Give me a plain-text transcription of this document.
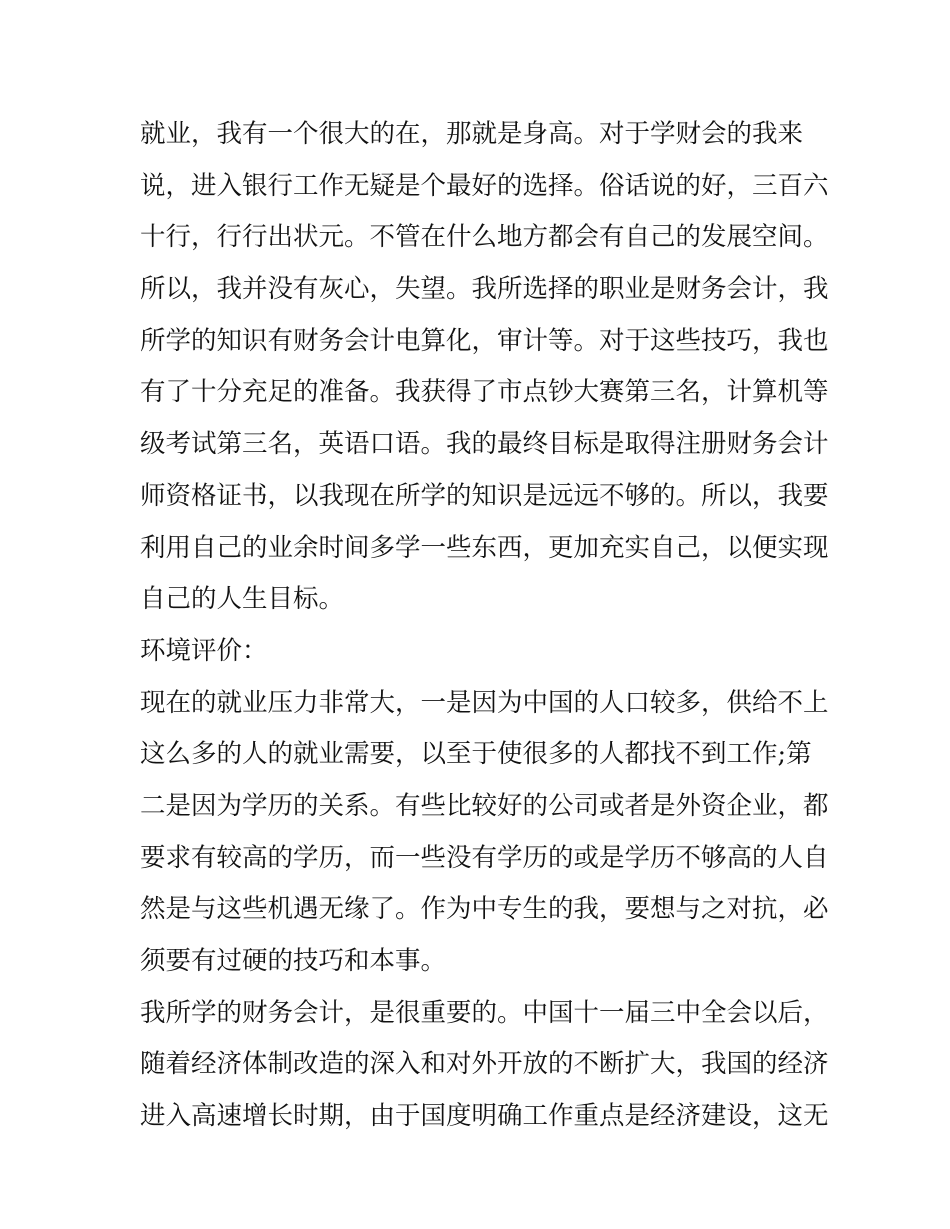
就业，我有一个很大的在，那就是身高。对于学财会的我来
说，进入银行工作无疑是个最好的选择。俗话说的好，三百六
十行，行行出状元。不管在什么地方都会有自己的发展空间。
所以，我并没有灰心，失望。我所选择的职业是财务会计，我
所学的知识有财务会计电算化，审计等。对于这些技巧，我也
有了十分充足的准备。我获得了市点钞大赛第三名，计算机等
级考试第三名，英语口语。我的最终目标是取得注册财务会计
师资格证书，以我现在所学的知识是远远不够的。所以，我要
利用自己的业余时间多学一些东西，更加充实自己，以便实现
自己的人生目标。
环境评价：
现在的就业压力非常大，一是因为中国的人口较多，供给不上
这么多的人的就业需要，以至于使很多的人都找不到工作;第
二是因为学历的关系。有些比较好的公司或者是外资企业，都
要求有较高的学历，而一些没有学历的或是学历不够高的人自
然是与这些机遇无缘了。作为中专生的我，要想与之对抗，必
须要有过硬的技巧和本事。
我所学的财务会计，是很重要的。中国十一届三中全会以后，
随着经济体制改造的深入和对外开放的不断扩大，我国的经济
进入高速增长时期，由于国度明确工作重点是经济建设，这无
